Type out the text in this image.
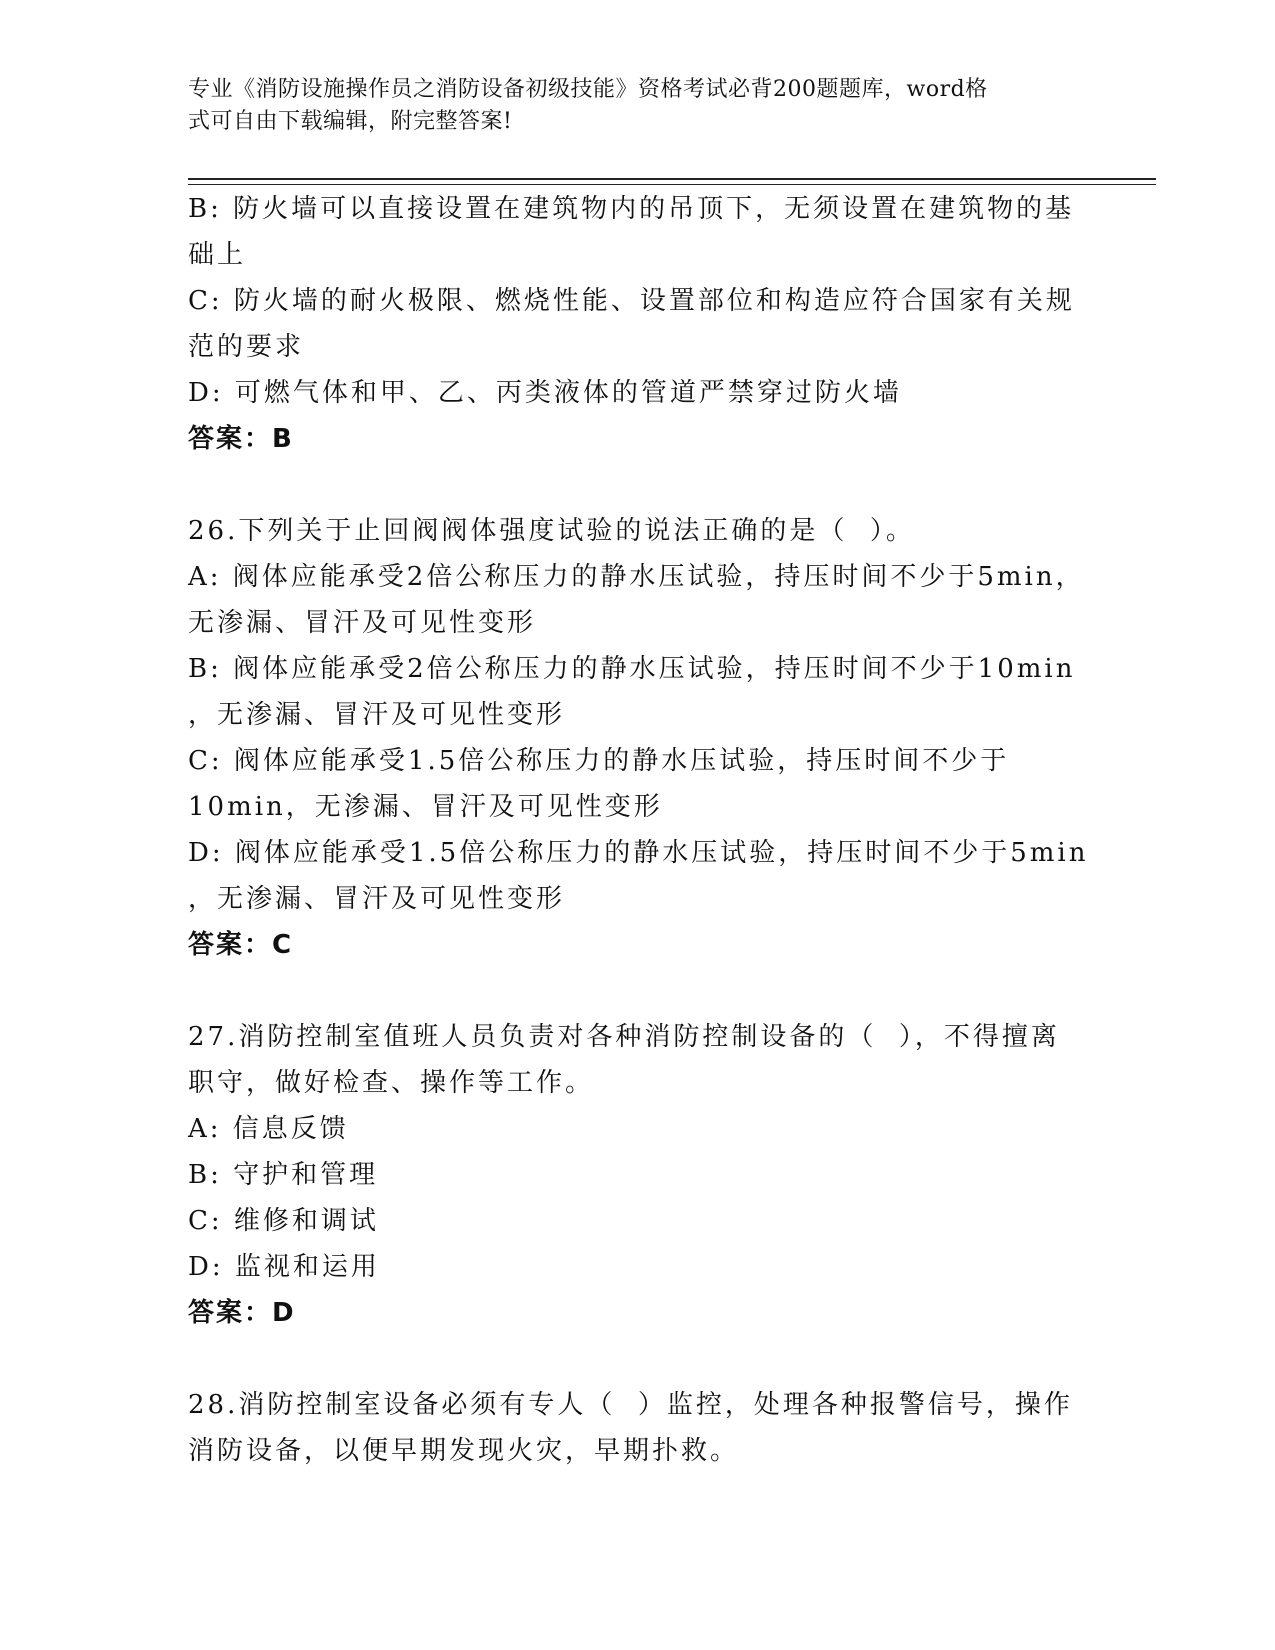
专业《消防设施操作员之消防设备初级技能》资格考试必背200题题库，word格
式可自由下载编辑，附完整答案!
B: 防火墙可以直接设置在建筑物内的吊顶下，无须设置在建筑物的基
础上
C: 防火墙的耐火极限、燃烧性能、设置部位和构造应符合国家有关规
范的要求
D: 可燃气体和甲、乙、丙类液体的管道严禁穿过防火墙
答案：B
26.下列关于止回阀阀体强度试验的说法正确的是（  ）。
A: 阀体应能承受2倍公称压力的静水压试验，持压时间不少于5min，
无渗漏、冒汗及可见性变形
B: 阀体应能承受2倍公称压力的静水压试验，持压时间不少于10min
，无渗漏、冒汗及可见性变形
C: 阀体应能承受1.5倍公称压力的静水压试验，持压时间不少于
10min，无渗漏、冒汗及可见性变形
D: 阀体应能承受1.5倍公称压力的静水压试验，持压时间不少于5min
，无渗漏、冒汗及可见性变形
答案：C
27.消防控制室值班人员负责对各种消防控制设备的（  ），不得擅离
职守，做好检查、操作等工作。
A: 信息反馈
B: 守护和管理
C: 维修和调试
D: 监视和运用
答案：D
28.消防控制室设备必须有专人（  ）监控，处理各种报警信号，操作
消防设备，以便早期发现火灾，早期扑救。
